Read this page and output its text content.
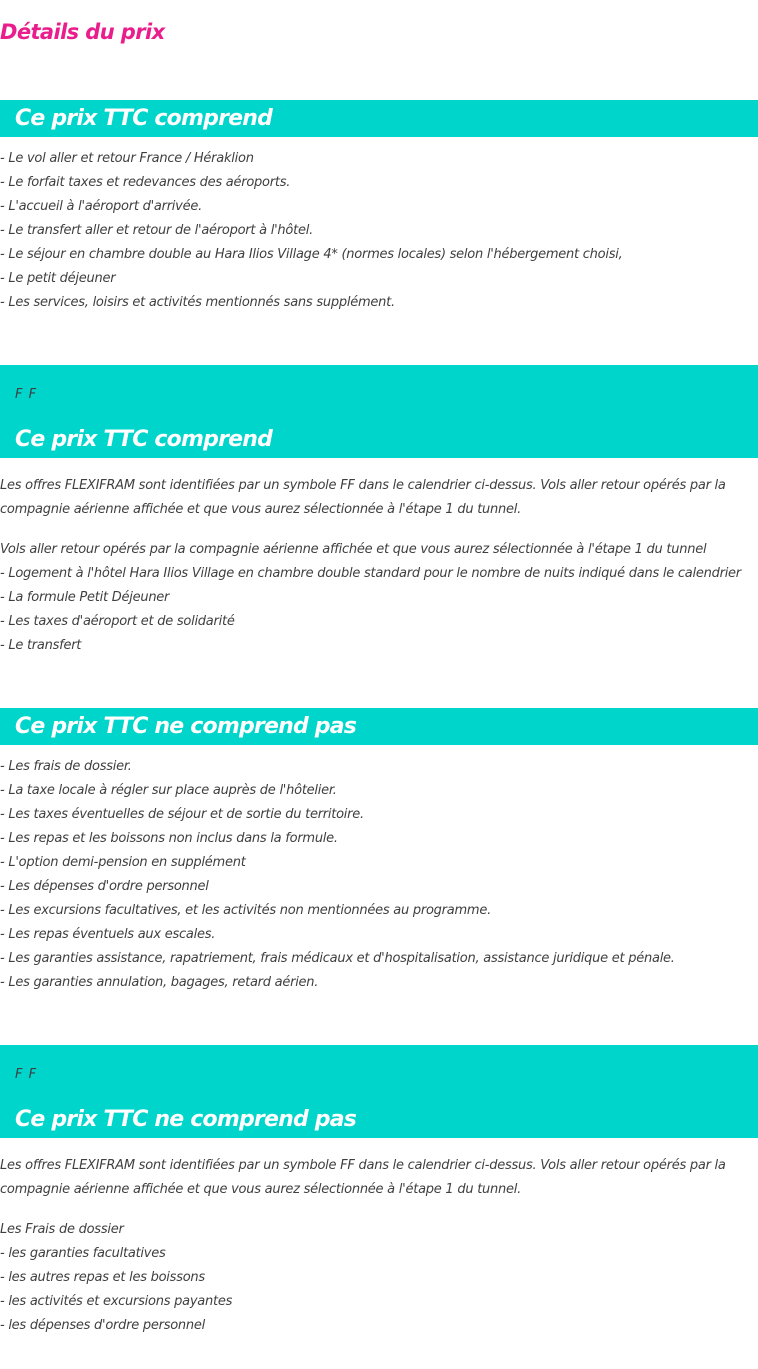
Détails du prix
Ce prix TTC comprend
- Le vol aller et retour France / Héraklion
- Le forfait taxes et redevances des aéroports.
- L'accueil à l'aéroport d'arrivée.
- Le transfert aller et retour de l'aéroport à l'hôtel.
- Le séjour en chambre double au Hara Ilios Village 4* (normes locales) selon l'hébergement choisi,
- Le petit déjeuner
- Les services, loisirs et activités mentionnés sans supplément.
F F
Ce prix TTC comprend
Les offres FLEXIFRAM sont identifiées par un symbole FF dans le calendrier ci-dessus. Vols aller retour opérés par la compagnie aérienne affichée et que vous aurez sélectionnée à l'étape 1 du tunnel.
Vols aller retour opérés par la compagnie aérienne affichée et que vous aurez sélectionnée à l'étape 1 du tunnel
- Logement à l'hôtel Hara Ilios Village en chambre double standard pour le nombre de nuits indiqué dans le calendrier
- La formule Petit Déjeuner
- Les taxes d'aéroport et de solidarité
- Le transfert
Ce prix TTC ne comprend pas
- Les frais de dossier.
- La taxe locale à régler sur place auprès de l'hôtelier.
- Les taxes éventuelles de séjour et de sortie du territoire.
- Les repas et les boissons non inclus dans la formule.
- L'option demi-pension en supplément
- Les dépenses d'ordre personnel
- Les excursions facultatives, et les activités non mentionnées au programme.
- Les repas éventuels aux escales.
- Les garanties assistance, rapatriement, frais médicaux et d'hospitalisation, assistance juridique et pénale.
- Les garanties annulation, bagages, retard aérien.
F F
Ce prix TTC ne comprend pas
Les offres FLEXIFRAM sont identifiées par un symbole FF dans le calendrier ci-dessus. Vols aller retour opérés par la compagnie aérienne affichée et que vous aurez sélectionnée à l'étape 1 du tunnel.
Les Frais de dossier
- les garanties facultatives
- les autres repas et les boissons
- les activités et excursions payantes
- les dépenses d'ordre personnel
